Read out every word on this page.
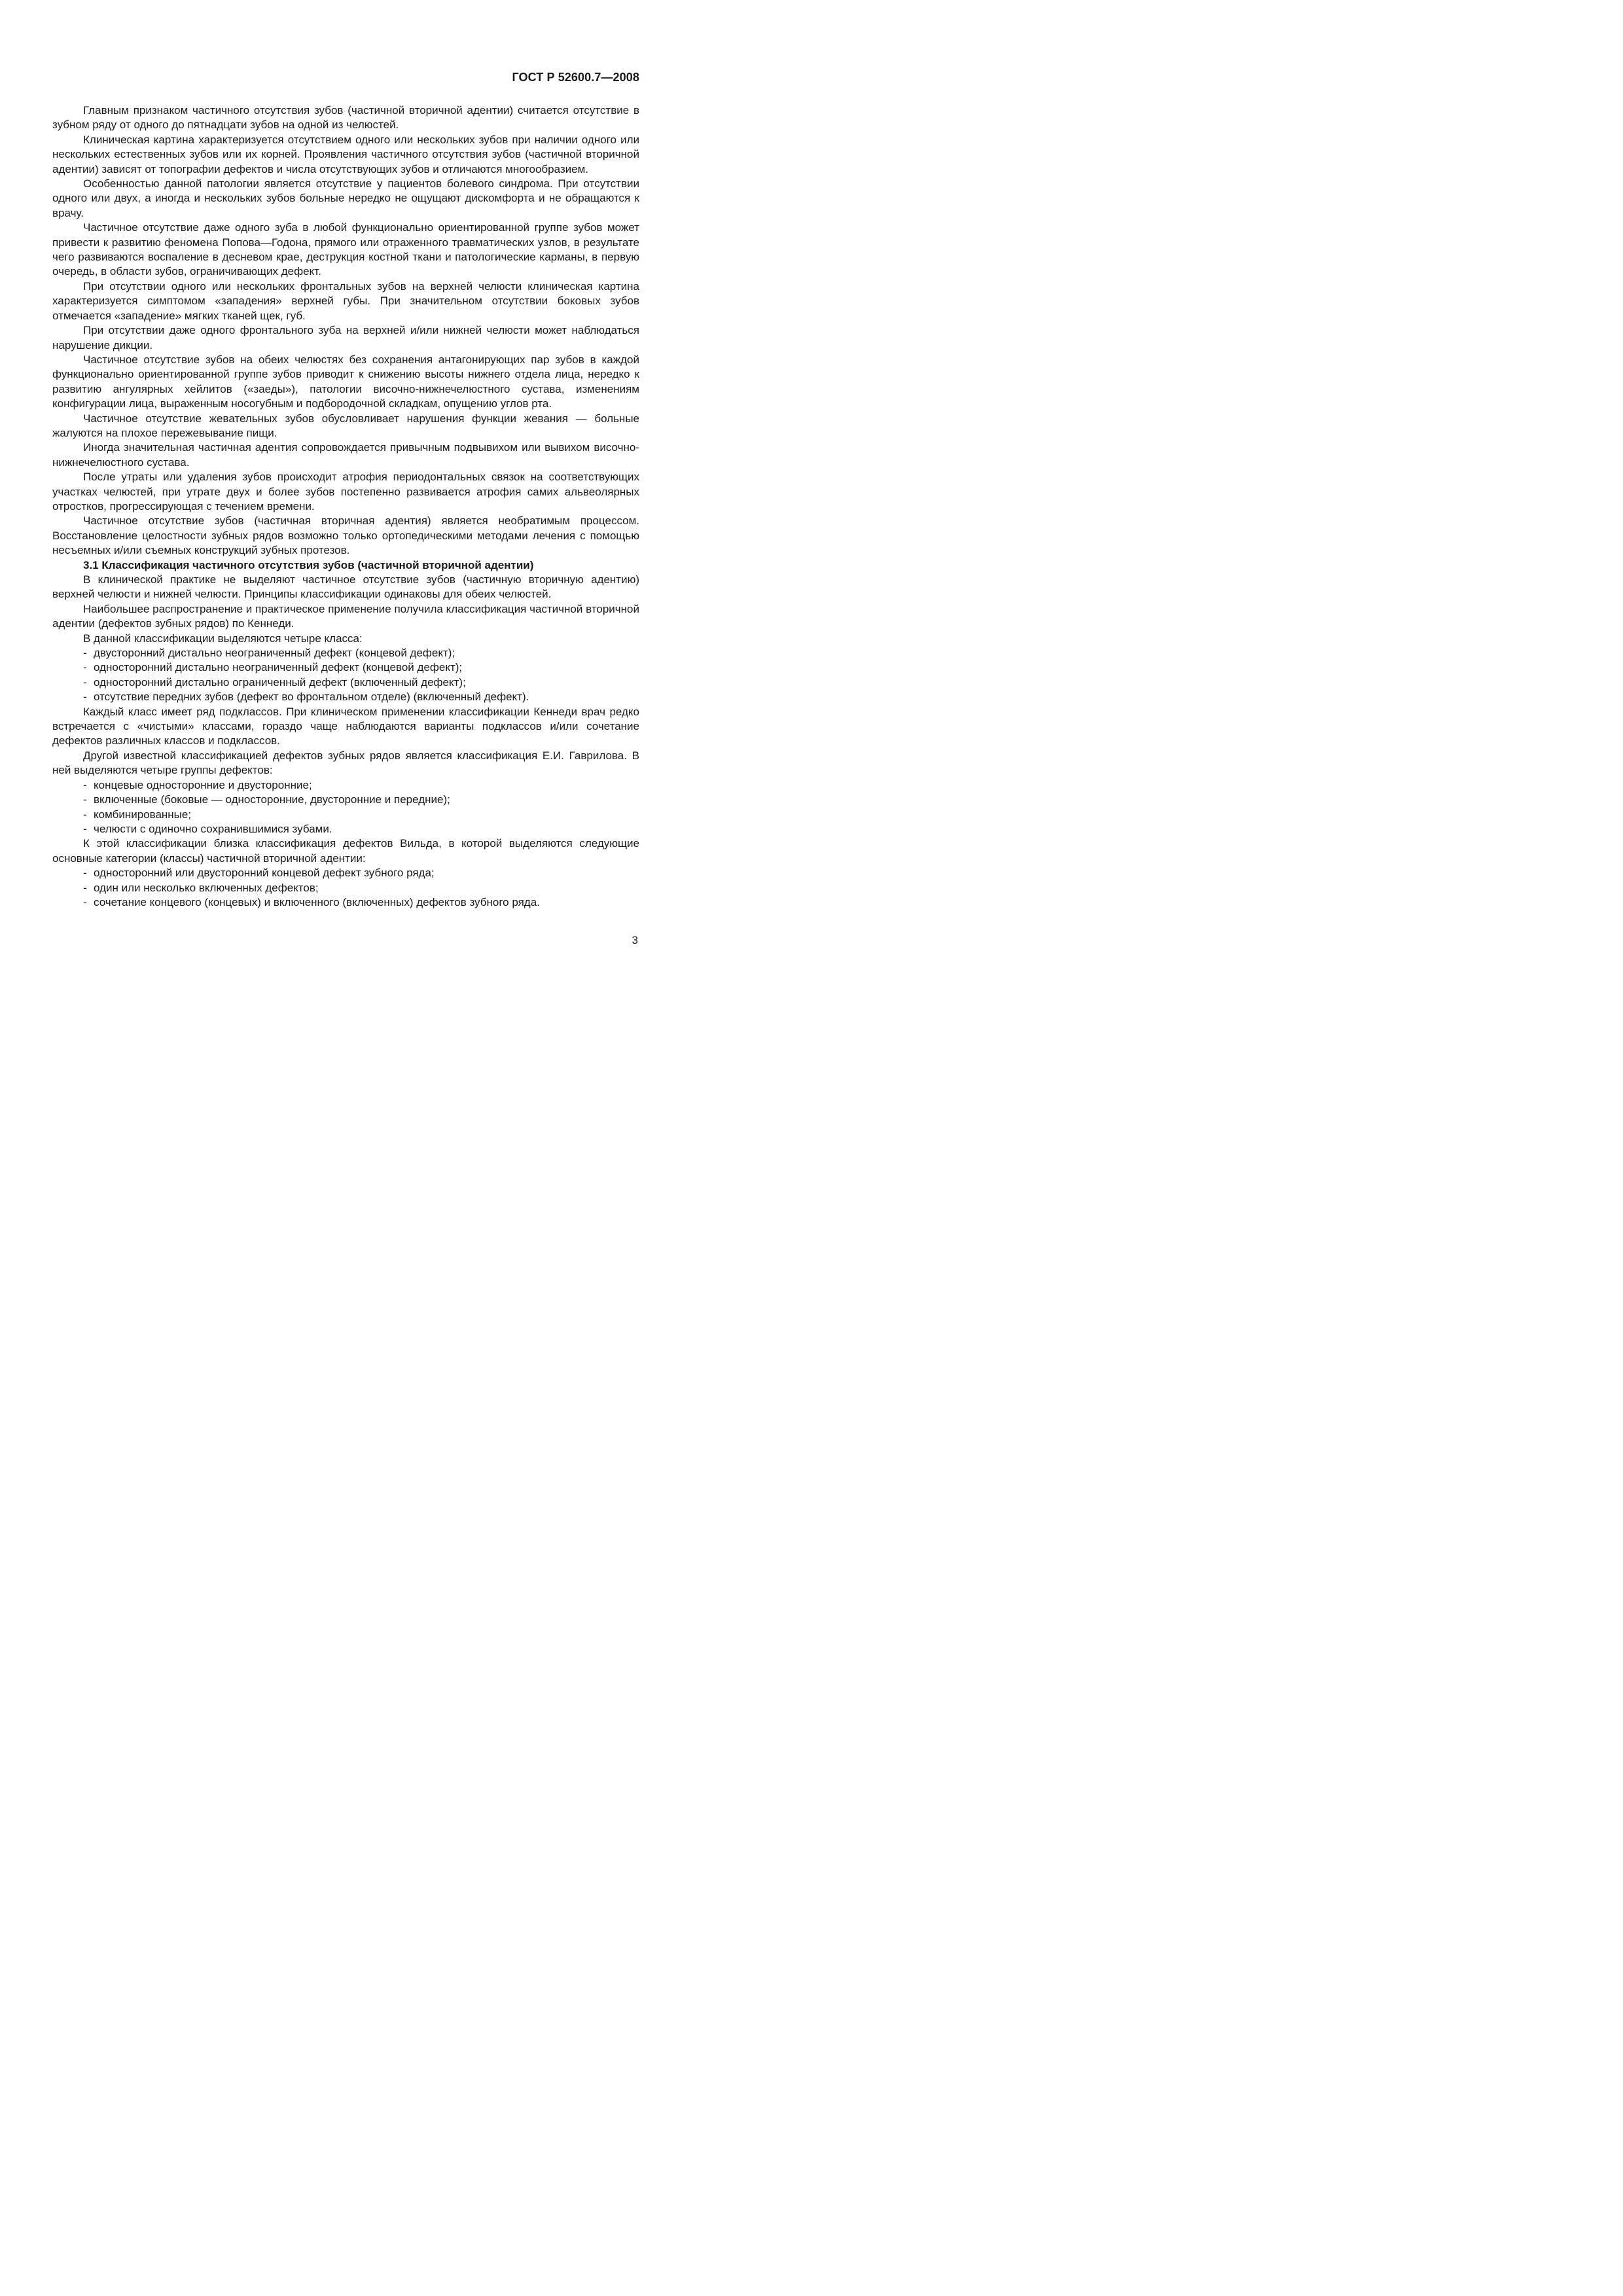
ГОСТ Р 52600.7—2008

Главным признаком частичного отсутствия зубов (частичной вторичной адентии) считается отсутствие в зубном ряду от одного до пятнадцати зубов на одной из челюстей.

Клиническая картина характеризуется отсутствием одного или нескольких зубов при наличии одного или нескольких естественных зубов или их корней. Проявления частичного отсутствия зубов (частичной вторичной адентии) зависят от топографии дефектов и числа отсутствующих зубов и отличаются многообразием.

Особенностью данной патологии является отсутствие у пациентов болевого синдрома. При отсутствии одного или двух, а иногда и нескольких зубов больные нередко не ощущают дискомфорта и не обращаются к врачу.

Частичное отсутствие даже одного зуба в любой функционально ориентированной группе зубов может привести к развитию феномена Попова—Годона, прямого или отраженного травматических узлов, в результате чего развиваются воспаление в десневом крае, деструкция костной ткани и патологические карманы, в первую очередь, в области зубов, ограничивающих дефект.

При отсутствии одного или нескольких фронтальных зубов на верхней челюсти клиническая картина характеризуется симптомом «западения» верхней губы. При значительном отсутствии боковых зубов отмечается «западение» мягких тканей щек, губ.

При отсутствии даже одного фронтального зуба на верхней и/или нижней челюсти может наблюдаться нарушение дикции.

Частичное отсутствие зубов на обеих челюстях без сохранения антагонирующих пар зубов в каждой функционально ориентированной группе зубов приводит к снижению высоты нижнего отдела лица, нередко к развитию ангулярных хейлитов («заеды»), патологии височно-нижнечелюстного сустава, изменениям конфигурации лица, выраженным носогубным и подбородочной складкам, опущению углов рта.

Частичное отсутствие жевательных зубов обусловливает нарушения функции жевания — больные жалуются на плохое пережевывание пищи.

Иногда значительная частичная адентия сопровождается привычным подвывихом или вывихом височно-нижнечелюстного сустава.

После утраты или удаления зубов происходит атрофия периодонтальных связок на соответствующих участках челюстей, при утрате двух и более зубов постепенно развивается атрофия самих альвеолярных отростков, прогрессирующая с течением времени.

Частичное отсутствие зубов (частичная вторичная адентия) является необратимым процессом. Восстановление целостности зубных рядов возможно только ортопедическими методами лечения с помощью несъемных и/или съемных конструкций зубных протезов.

3.1 Классификация частичного отсутствия зубов (частичной вторичной адентии)

В клинической практике не выделяют частичное отсутствие зубов (частичную вторичную адентию) верхней челюсти и нижней челюсти. Принципы классификации одинаковы для обеих челюстей.

Наибольшее распространение и практическое применение получила классификация частичной вторичной адентии (дефектов зубных рядов) по Кеннеди.

В данной классификации выделяются четыре класса:

- двусторонний дистально неограниченный дефект (концевой дефект);

- односторонний дистально неограниченный дефект (концевой дефект);

- односторонний дистально ограниченный дефект (включенный дефект);

- отсутствие передних зубов (дефект во фронтальном отделе) (включенный дефект).

Каждый класс имеет ряд подклассов. При клиническом применении классификации Кеннеди врач редко встречается с «чистыми» классами, гораздо чаще наблюдаются варианты подклассов и/или сочетание дефектов различных классов и подклассов.

Другой известной классификацией дефектов зубных рядов является классификация Е.И. Гаврилова. В ней выделяются четыре группы дефектов:

- концевые односторонние и двусторонние;

- включенные (боковые — односторонние, двусторонние и передние);

- комбинированные;

- челюсти с одиночно сохранившимися зубами.

К этой классификации близка классификация дефектов Вильда, в которой выделяются следующие основные категории (классы) частичной вторичной адентии:

- односторонний или двусторонний концевой дефект зубного ряда;

- один или несколько включенных дефектов;

- сочетание концевого (концевых) и включенного (включенных) дефектов зубного ряда.

3
